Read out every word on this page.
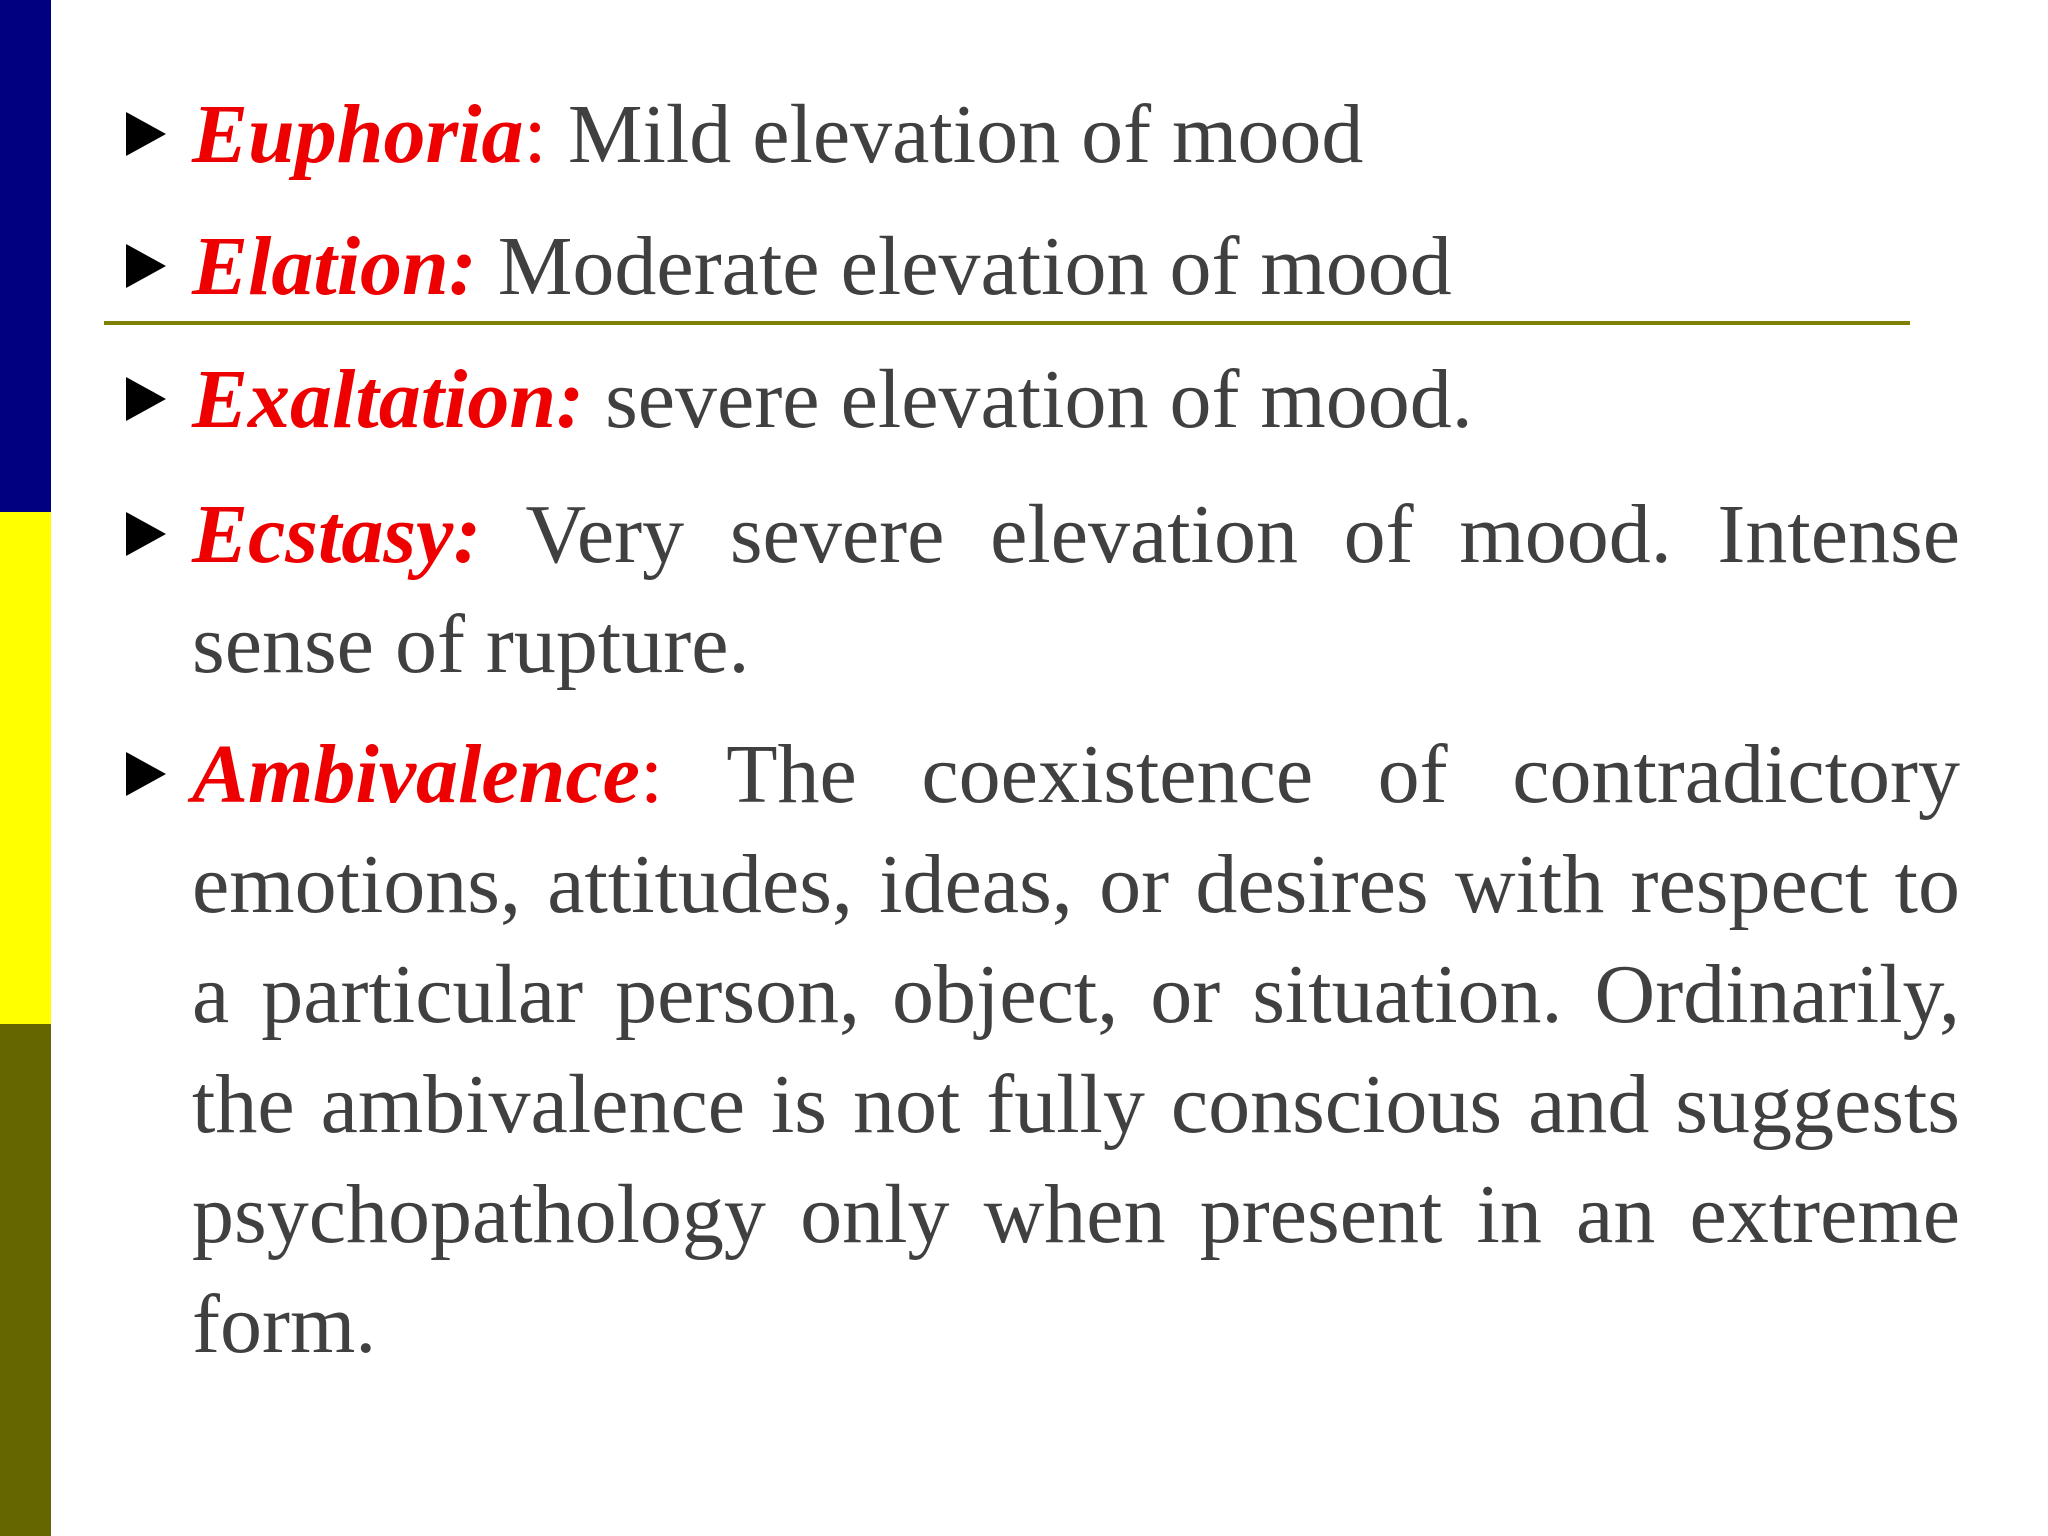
Euphoria: Mild elevation of mood
Elation: Moderate elevation of mood
Exaltation: severe elevation of mood.
Ecstasy: Very severe elevation of mood. Intense sense of rupture.
Ambivalence: The coexistence of contradictory emotions, attitudes, ideas, or desires with respect to a particular person, object, or situation. Ordinarily, the ambivalence is not fully conscious and suggests psychopathology only when present in an extreme form.
